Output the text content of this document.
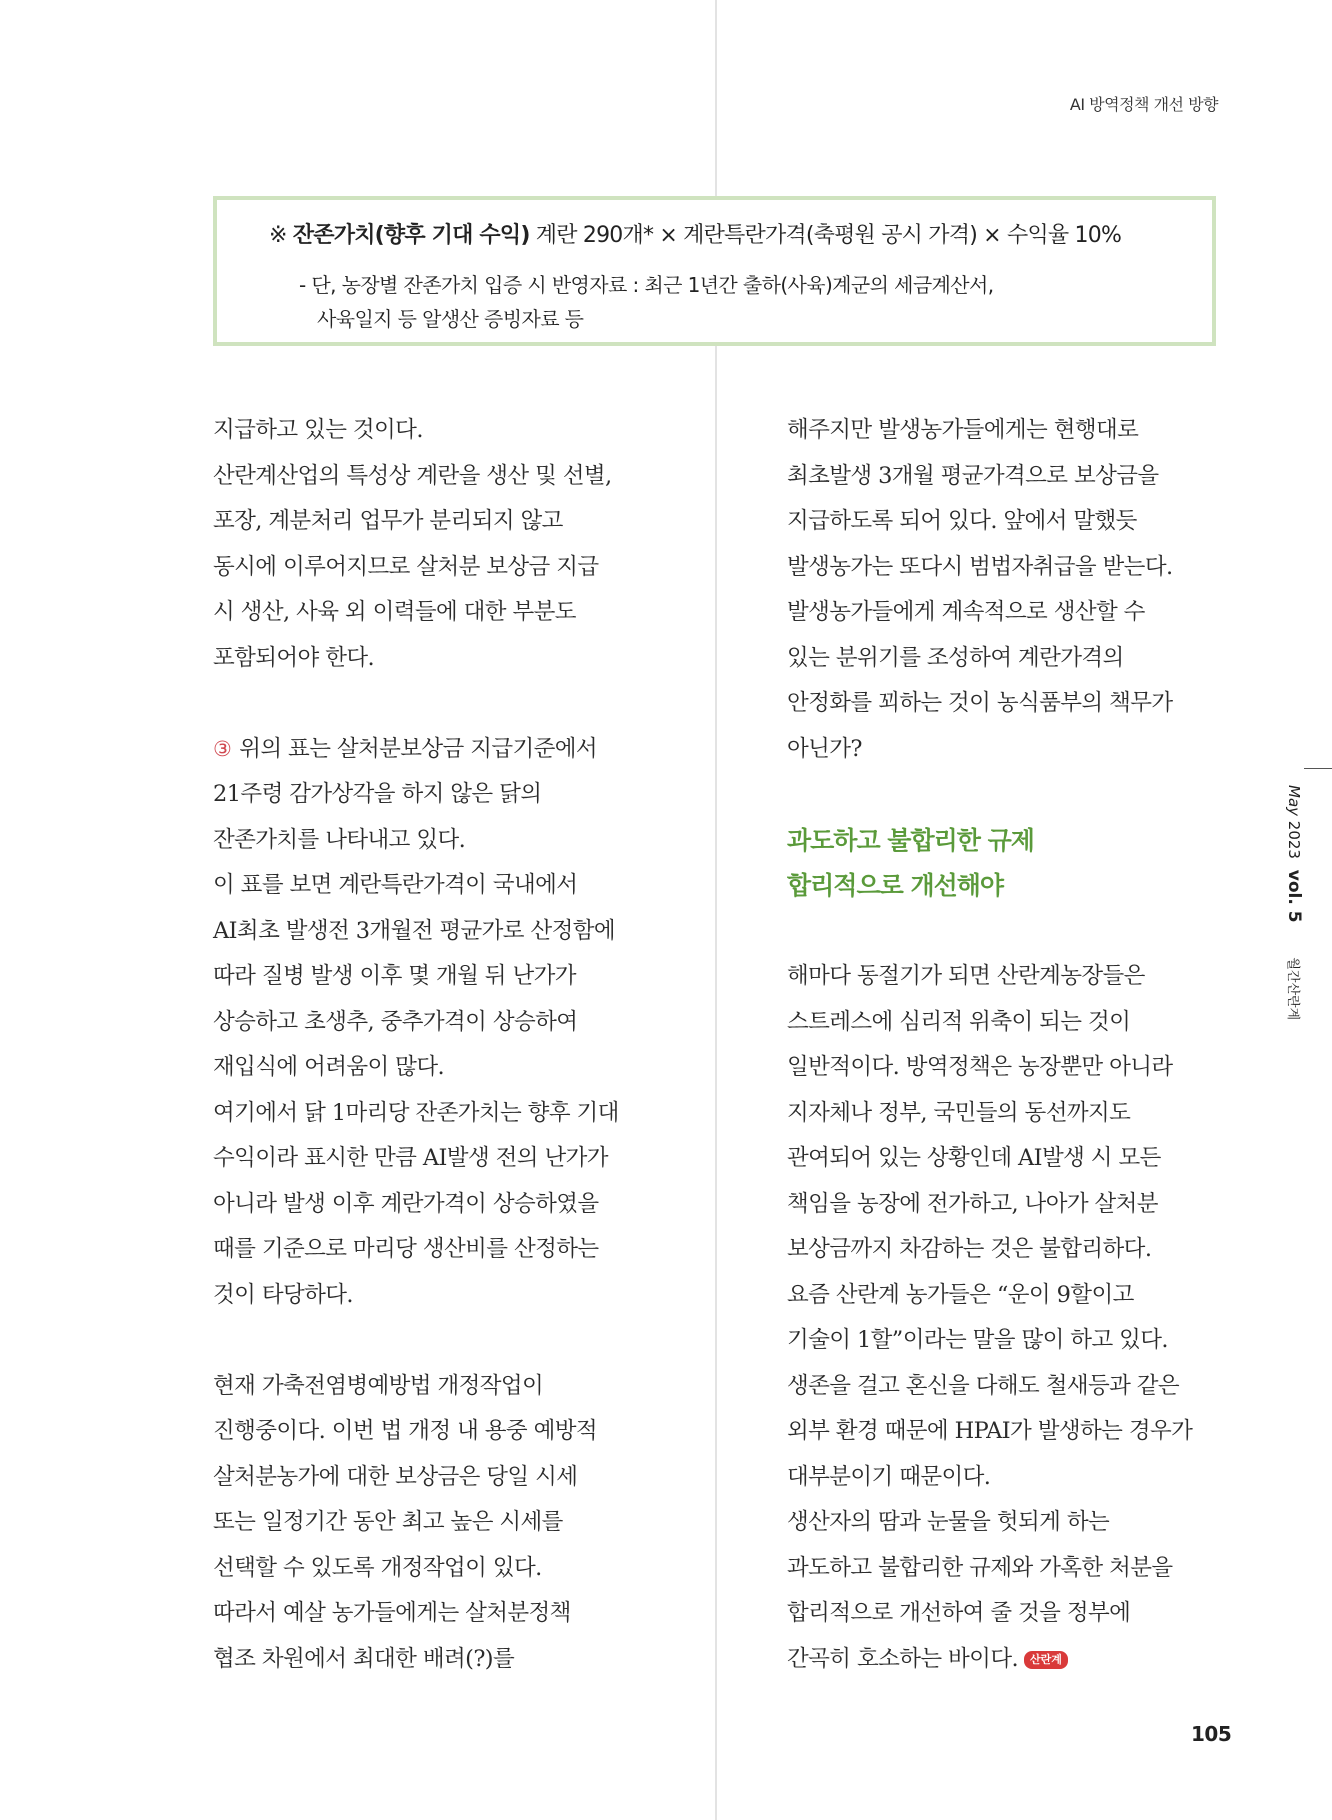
AI 방역정책 개선 방향
※ 잔존가치(향후 기대 수익) 계란 290개* × 계란특란가격(축평원 공시 가격) × 수익율 10%
- 단, 농장별 잔존가치 입증 시 반영자료 : 최근 1년간 출하(사육)계군의 세금계산서,
사육일지 등 알생산 증빙자료 등

지급하고 있는 것이다.

산란계산업의 특성상 계란을 생산 및 선별,

포장, 계분처리 업무가 분리되지 않고

동시에 이루어지므로 살처분 보상금 지급

시 생산, 사육 외 이력들에 대한 부분도

포함되어야 한다.

③ 위의 표는 살처분보상금 지급기준에서

21주령 감가상각을 하지 않은 닭의

잔존가치를 나타내고 있다.

이 표를 보면 계란특란가격이 국내에서

AI최초 발생전 3개월전 평균가로 산정함에

따라 질병 발생 이후 몇 개월 뒤 난가가

상승하고 초생추, 중추가격이 상승하여

재입식에 어려움이 많다.

여기에서 닭 1마리당 잔존가치는 향후 기대

수익이라 표시한 만큼 AI발생 전의 난가가

아니라 발생 이후 계란가격이 상승하였을

때를 기준으로 마리당 생산비를 산정하는

것이 타당하다.

현재 가축전염병예방법 개정작업이

진행중이다. 이번 법 개정 내 용중 예방적

살처분농가에 대한 보상금은 당일 시세

또는 일정기간 동안 최고 높은 시세를

선택할 수 있도록 개정작업이 있다.

따라서 예살 농가들에게는 살처분정책

협조 차원에서 최대한 배려(?)를

해주지만 발생농가들에게는 현행대로

최초발생 3개월 평균가격으로 보상금을

지급하도록 되어 있다. 앞에서 말했듯

발생농가는 또다시 범법자취급을 받는다.

발생농가들에게 계속적으로 생산할 수

있는 분위기를 조성하여 계란가격의

안정화를 꾀하는 것이 농식품부의 책무가

아닌가?

과도하고 불합리한 규제

합리적으로 개선해야

해마다 동절기가 되면 산란계농장들은

스트레스에 심리적 위축이 되는 것이

일반적이다. 방역정책은 농장뿐만 아니라

지자체나 정부, 국민들의 동선까지도

관여되어 있는 상황인데 AI발생 시 모든

책임을 농장에 전가하고, 나아가 살처분

보상금까지 차감하는 것은 불합리하다.

요즘 산란계 농가들은 “운이 9할이고

기술이 1할”이라는 말을 많이 하고 있다.

생존을 걸고 혼신을 다해도 철새등과 같은

외부 환경 때문에 HPAI가 발생하는 경우가

대부분이기 때문이다.

생산자의 땀과 눈물을 헛되게 하는

과도하고 불합리한 규제와 가혹한 처분을

합리적으로 개선하여 줄 것을 정부에

간곡히 호소하는 바이다. 산란계

May 2023 vol. 5 월간산란계
105
